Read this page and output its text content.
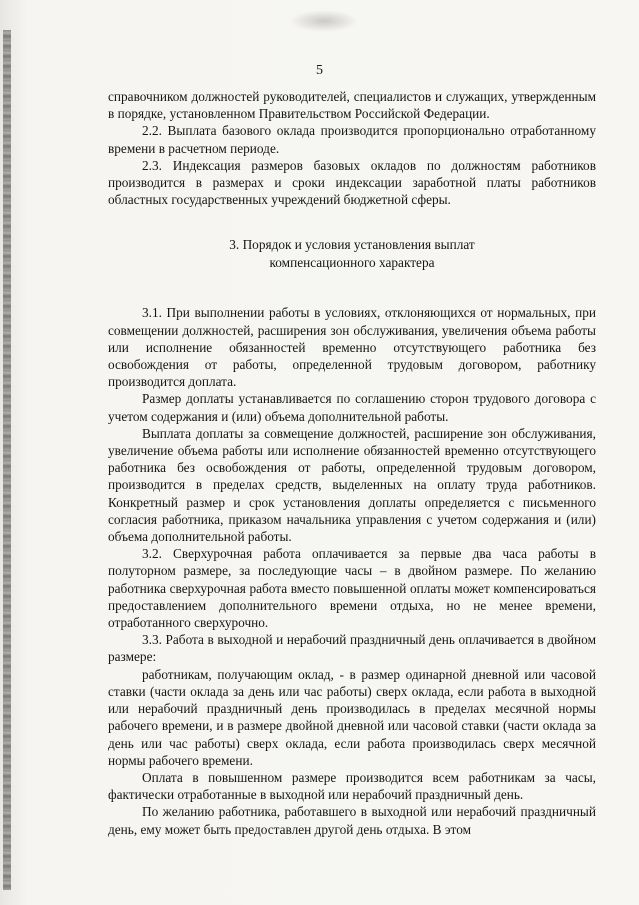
5

справочником должностей руководителей, специалистов и служащих, утвержденным в порядке, установленном Правительством Российской Федерации.

2.2. Выплата базового оклада производится пропорционально отработанному времени в расчетном периоде.

2.3. Индексация размеров базовых окладов по должностям работников производится в размерах и сроки индексации заработной платы работников областных государственных учреждений бюджетной сферы.

3. Порядок и условия установления выплат
компенсационного характера

3.1. При выполнении работы в условиях, отклоняющихся от нормальных, при совмещении должностей, расширения зон обслуживания, увеличения объема работы или исполнение обязанностей временно отсутствующего работника без освобождения от работы, определенной трудовым договором, работнику производится доплата.

Размер доплаты устанавливается по соглашению сторон трудового договора с учетом содержания и (или) объема дополнительной работы.

Выплата доплаты за совмещение должностей, расширение зон обслуживания, увеличение объема работы или исполнение обязанностей временно отсутствующего работника без освобождения от работы, определенной трудовым договором, производится в пределах средств, выделенных на оплату труда работников. Конкретный размер и срок установления доплаты определяется с письменного согласия работника, приказом начальника управления с учетом содержания и (или) объема дополнительной работы.

3.2. Сверхурочная работа оплачивается за первые два часа работы в полуторном размере, за последующие часы – в двойном размере. По желанию работника сверхурочная работа вместо повышенной оплаты может компенсироваться предоставлением дополнительного времени отдыха, но не менее времени, отработанного сверхурочно.

3.3. Работа в выходной и нерабочий праздничный день оплачивается в двойном размере:

работникам, получающим оклад, - в размер одинарной дневной или часовой ставки (части оклада за день или час работы) сверх оклада, если работа в выходной или нерабочий праздничный день производилась в пределах месячной нормы рабочего времени, и в размере двойной дневной или часовой ставки (части оклада за день или час работы) сверх оклада, если работа производилась сверх месячной нормы рабочего времени.

Оплата в повышенном размере производится всем работникам за часы, фактически отработанные в выходной или нерабочий праздничный день.

По желанию работника, работавшего в выходной или нерабочий праздничный день, ему может быть предоставлен другой день отдыха. В этом
